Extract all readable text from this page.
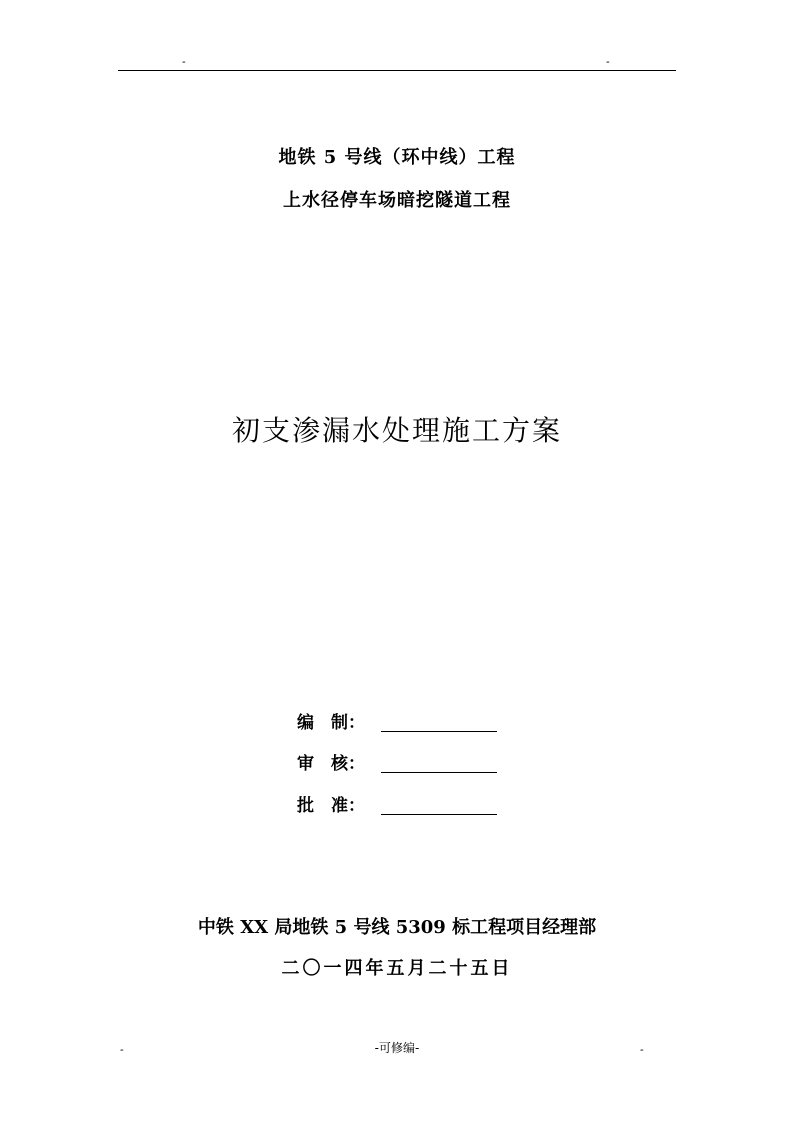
-	-
地铁 5 号线（环中线）工程
上水径停车场暗挖隧道工程
初支渗漏水处理施工方案
编　制：
审　核：
批　准：
中铁 XX 局地铁 5 号线 5309 标工程项目经理部
二〇一四年五月二十五日
-	-可修编-	-
